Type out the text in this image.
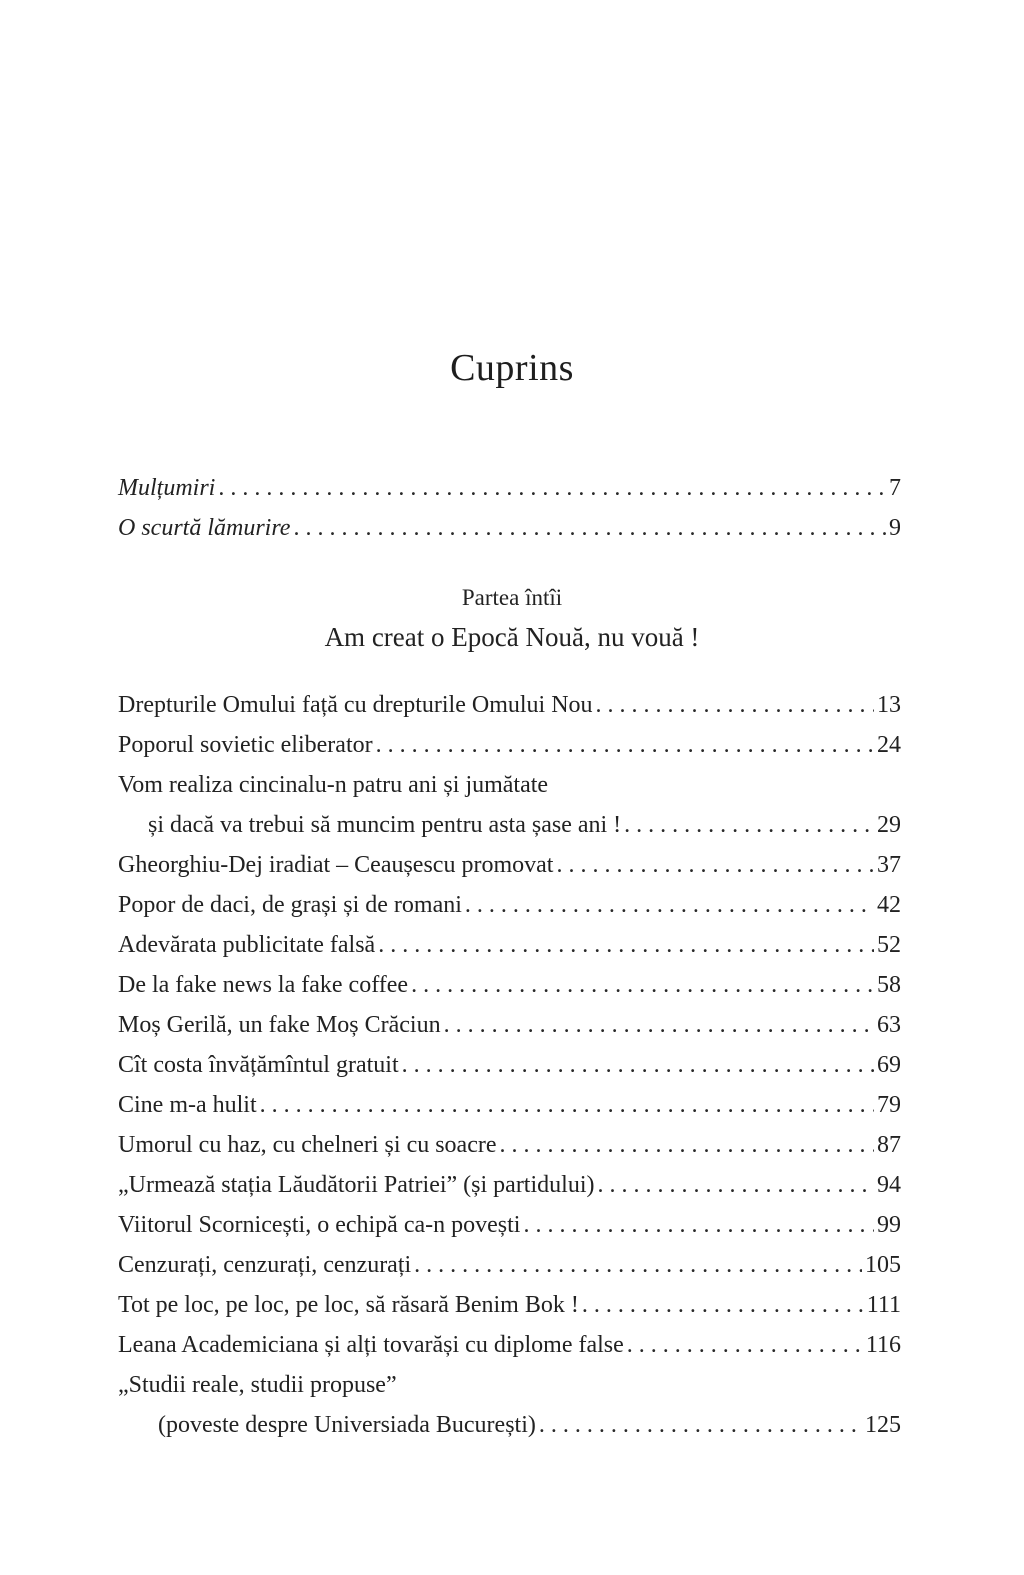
Cuprins
Mulțumiri . . .	7
O scurtă lămurire . . .	9
Partea întîi
Am creat o Epocă Nouă, nu vouă !
Drepturile Omului față cu drepturile Omului Nou . . .	13
Poporul sovietic eliberator . . .	24
Vom realiza cincinalu-n patru ani și jumătate
și dacă va trebui să muncim pentru asta șase ani ! . . .	29
Gheorghiu-Dej iradiat – Ceaușescu promovat . . .	37
Popor de daci, de grași și de romani . . .	42
Adevărata publicitate falsă . . .	52
De la fake news la fake coffee . . .	58
Moș Gerilă, un fake Moș Crăciun . . .	63
Cît costa învățămîntul gratuit . . .	69
Cine m-a hulit . . .	79
Umorul cu haz, cu chelneri și cu soacre . . .	87
„Urmează stația Lăudătorii Patriei” (și partidului) . . .	94
Viitorul Scornicești, o echipă ca-n povești . . .	99
Cenzurați, cenzurați, cenzurați . . .	105
Tot pe loc, pe loc, pe loc, să răsară Benim Bok ! . . .	111
Leana Academiciana și alți tovarăși cu diplome false . . .	116
„Studii reale, studii propuse”
(poveste despre Universiada București) . . .	125
